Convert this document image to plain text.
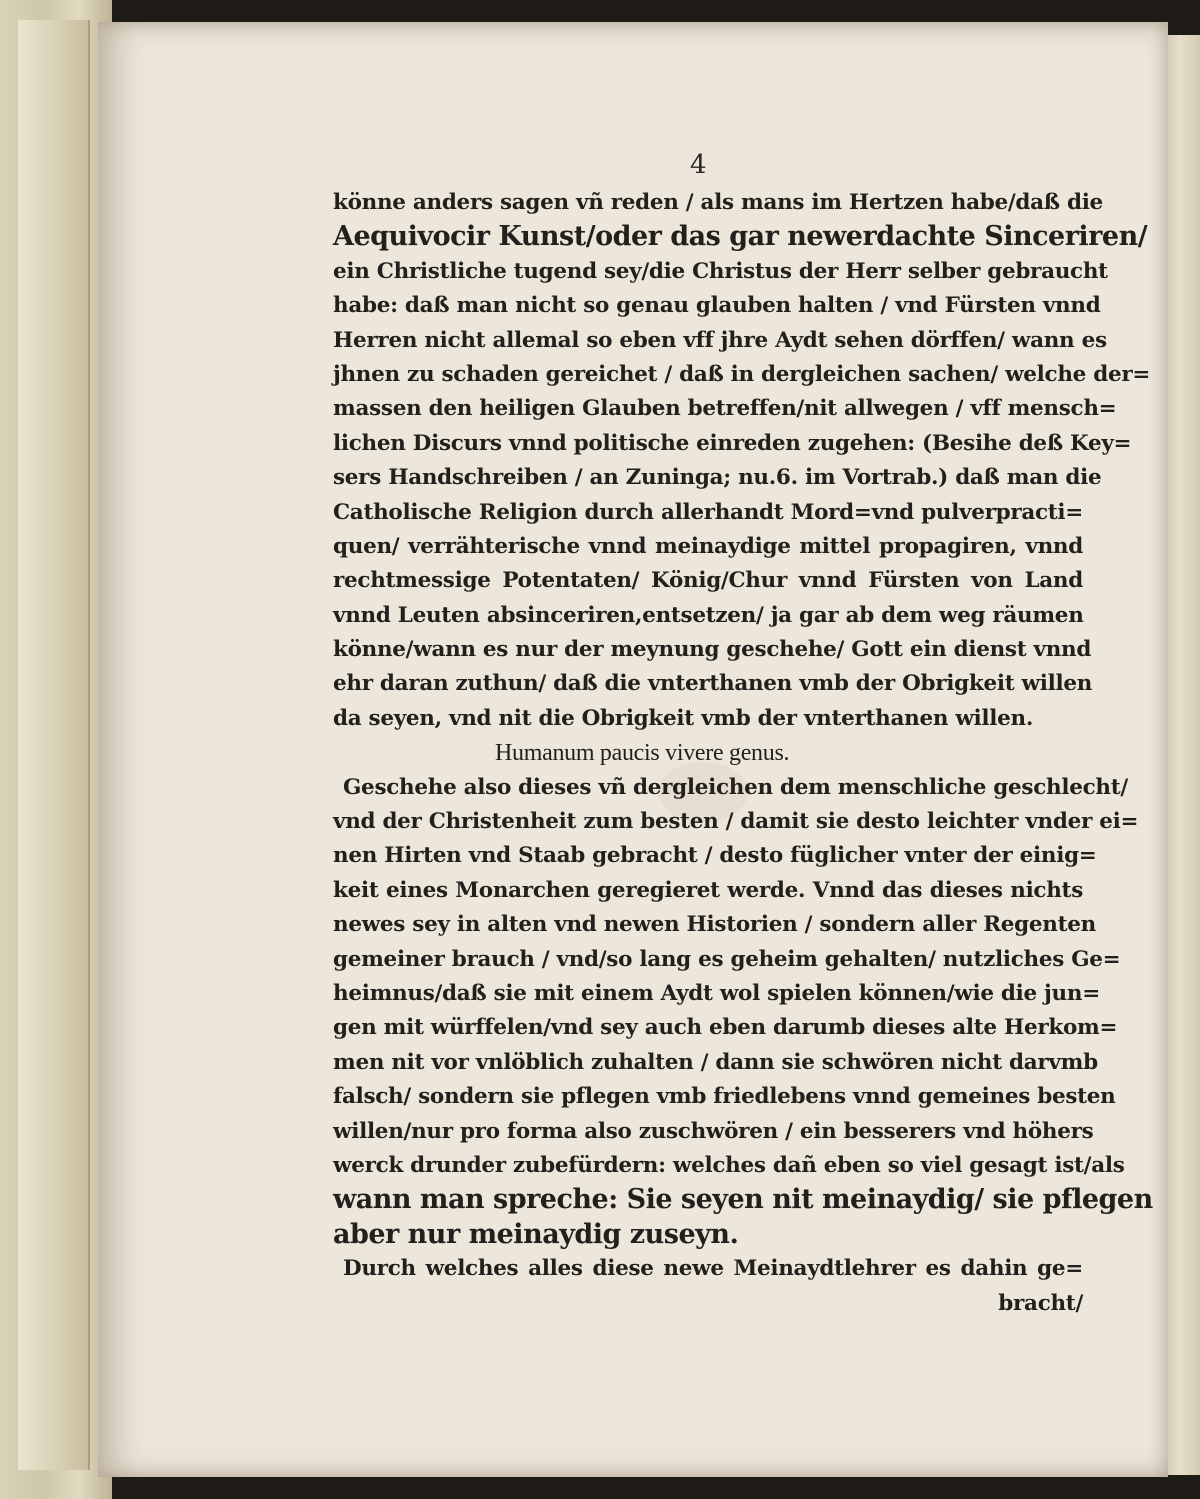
4
könne anders sagen vñ reden / als mans im Hertzen habe/daß die
Aequivocir Kunst/oder das gar newerdachte Sinceriren/
ein Christliche tugend sey/die Christus der Herr selber gebraucht
habe: daß man nicht so genau glauben halten / vnd Fürsten vnnd
Herren nicht allemal so eben vff jhre Aydt sehen dörffen/ wann es
jhnen zu schaden gereichet / daß in dergleichen sachen/ welche der=
massen den heiligen Glauben betreffen/nit allwegen / vff mensch=
lichen Discurs vnnd politische einreden zugehen: (Besihe deß Key=
sers Handschreiben / an Zuninga; nu.6. im Vortrab.) daß man die
Catholische Religion durch allerhandt Mord=vnd pulverpracti=
quen/ verrähterische vnnd meinaydige mittel propagiren, vnnd
rechtmessige Potentaten/ König/Chur vnnd Fürsten von Land
vnnd Leuten absinceriren,entsetzen/ ja gar ab dem weg räumen
könne/wann es nur der meynung geschehe/ Gott ein dienst vnnd
ehr daran zuthun/ daß die vnterthanen vmb der Obrigkeit willen
da seyen, vnd nit die Obrigkeit vmb der vnterthanen willen.
Humanum paucis vivere genus.
Geschehe also dieses vñ dergleichen dem menschliche geschlecht/
vnd der Christenheit zum besten / damit sie desto leichter vnder ei=
nen Hirten vnd Staab gebracht / desto füglicher vnter der einig=
keit eines Monarchen geregieret werde. Vnnd das dieses nichts
newes sey in alten vnd newen Historien / sondern aller Regenten
gemeiner brauch / vnd/so lang es geheim gehalten/ nutzliches Ge=
heimnus/daß sie mit einem Aydt wol spielen können/wie die jun=
gen mit würffelen/vnd sey auch eben darumb dieses alte Herkom=
men nit vor vnlöblich zuhalten / dann sie schwören nicht darvmb
falsch/ sondern sie pflegen vmb friedlebens vnnd gemeines besten
willen/nur pro forma also zuschwören / ein besserers vnd höhers
werck drunder zubefürdern: welches dañ eben so viel gesagt ist/als
wann man spreche: Sie seyen nit meinaydig/ sie pflegen
aber nur meinaydig zuseyn.
Durch welches alles diese newe Meinaydtlehrer es dahin ge=
bracht/
